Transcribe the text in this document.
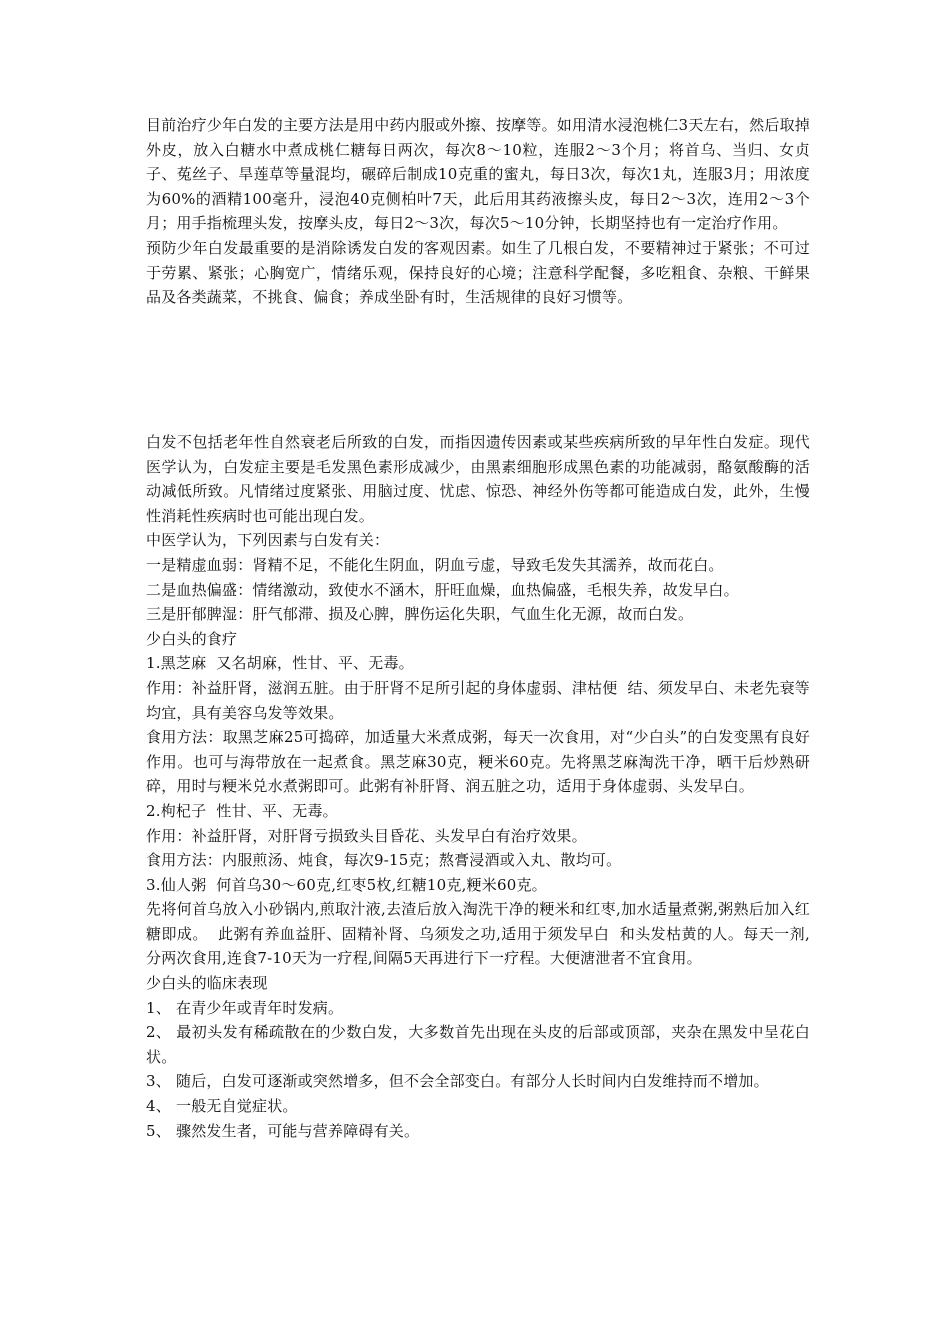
目前治疗少年白发的主要方法是用中药内服或外擦、按摩等。如用清水浸泡桃仁3天左右，然后取掉外皮，放入白糖水中煮成桃仁糖每日两次，每次8～10粒，连服2～3个月；将首乌、当归、女贞子、菟丝子、旱莲草等量混均，碾碎后制成10克重的蜜丸，每日3次，每次1丸，连服3月；用浓度为60%的酒精100毫升，浸泡40克侧柏叶7天，此后用其药液擦头皮，每日2～3次，连用2～3个月；用手指梳理头发，按摩头皮，每日2～3次，每次5～10分钟，长期坚持也有一定治疗作用。

预防少年白发最重要的是消除诱发白发的客观因素。如生了几根白发，不要精神过于紧张；不可过于劳累、紧张；心胸宽广，情绪乐观，保持良好的心境；注意科学配餐，多吃粗食、杂粮、干鲜果品及各类蔬菜，不挑食、偏食；养成坐卧有时，生活规律的良好习惯等。

白发不包括老年性自然衰老后所致的白发，而指因遗传因素或某些疾病所致的早年性白发症。现代医学认为，白发症主要是毛发黑色素形成减少，由黑素细胞形成黑色素的功能减弱，酪氨酸酶的活动减低所致。凡情绪过度紧张、用脑过度、忧虑、惊恐、神经外伤等都可能造成白发，此外，生慢性消耗性疾病时也可能出现白发。

中医学认为，下列因素与白发有关：

一是精虚血弱：肾精不足，不能化生阴血，阴血亏虚，导致毛发失其濡养，故而花白。

二是血热偏盛：情绪激动，致使水不涵木，肝旺血燥，血热偏盛，毛根失养，故发早白。

三是肝郁脾湿：肝气郁滞、损及心脾，脾伤运化失职，气血生化无源，故而白发。

少白头的食疗

1.黑芝麻  又名胡麻，性甘、平、无毒。

作用：补益肝肾，滋润五脏。由于肝肾不足所引起的身体虚弱、津枯便  结、须发早白、未老先衰等均宜，具有美容乌发等效果。

食用方法：取黑芝麻25可捣碎，加适量大米煮成粥，每天一次食用，对“少白头”的白发变黑有良好作用。也可与海带放在一起煮食。黑芝麻30克，粳米60克。先将黑芝麻淘洗干净，晒干后炒熟研碎，用时与粳米兑水煮粥即可。此粥有补肝肾、润五脏之功，适用于身体虚弱、头发早白。

2.枸杞子  性甘、平、无毒。

作用：补益肝肾，对肝肾亏损致头目昏花、头发早白有治疗效果。

食用方法：内服煎汤、炖食，每次9-15克；熬膏浸酒或入丸、散均可。

3.仙人粥  何首乌30～60克,红枣5枚,红糖10克,粳米60克。

先将何首乌放入小砂锅内,煎取汁液,去渣后放入淘洗干净的粳米和红枣,加水适量煮粥,粥熟后加入红糖即成。  此粥有养血益肝、固精补肾、乌须发之功,适用于须发早白  和头发枯黄的人。每天一剂,分两次食用,连食7-10天为一疗程,间隔5天再进行下一疗程。大便溏泄者不宜食用。

少白头的临床表现

1、 在青少年或青年时发病。

2、 最初头发有稀疏散在的少数白发，大多数首先出现在头皮的后部或顶部，夹杂在黑发中呈花白状。

3、 随后，白发可逐渐或突然增多，但不会全部变白。有部分人长时间内白发维持而不增加。

4、 一般无自觉症状。

5、 骤然发生者，可能与营养障碍有关。
